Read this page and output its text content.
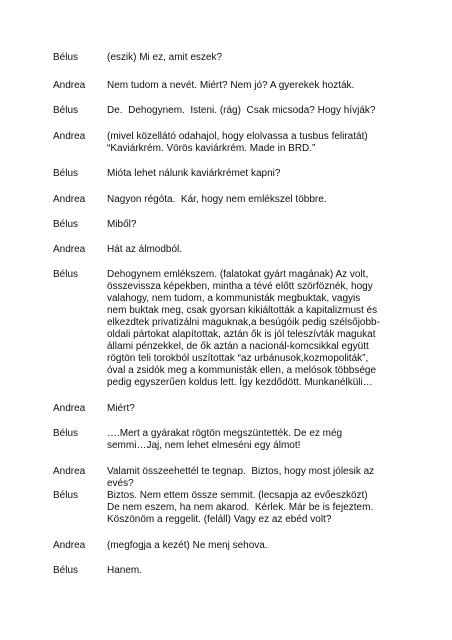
Bélus	(eszik) Mi ez, amit eszek?
Andrea Nem tudom a nevét. Miért? Nem jó? A gyerekek hozták.
Bélus	De.  Dehogynem.  Isteni. (rág)  Csak micsoda? Hogy hívják?
Andrea (mivel közellátó odahajol, hogy elolvassa a tusbus feliratát)
“Kaviárkrém. Vörös kaviárkrém. Made in BRD.”
Bélus	Mióta lehet nálunk kaviárkrémet kapni?
Andrea Nagyon régóta.  Kár, hogy nem emlékszel többre.
Bélus	Miből?
Andrea Hát az álmodból.
Bélus	Dehogynem emlékszem. (falatokat gyárt magának) Az volt,
összevissza képekben, mintha a tévé előtt szörföznék, hogy
valahogy, nem tudom, a kommunisták megbuktak, vagyis
nem buktak meg, csak gyorsan kikiáltották a kapitalizmust és
elkezdtek privatizálni maguknak,a besúgóik pedig szélsőjobb-
oldali pártokat alapítottak, aztán ők is jól teleszívták magukat
állami pénzekkel, de ők aztán a nacionál-komcsikkal együtt
rögtön teli torokból uszítottak “az urbánusok,kozmopoliták”,
óval a zsidók meg a kommunisták ellen, a melósok többsége
pedig egyszerűen koldus lett. Így kezdődött. Munkanélküli…
Andrea Miért?
Bélus	….Mert a gyárakat rögtön megszüntették. De ez még
semmi…Jaj, nem lehet elmeséni egy álmot!
Andrea Valamit összeehettél te tegnap.  Biztos, hogy most jólesik az
evés?
Bélus	Biztos. Nem ettem össze semmit. (lecsapja az evőeszközt)
De nem eszem, ha nem akarod.  Kérlek. Már be is fejeztem.
Köszönöm a reggelit. (feláll) Vagy ez az ebéd volt?
Andrea (megfogja a kezét) Ne menj sehova.
Bélus	Hanem.
